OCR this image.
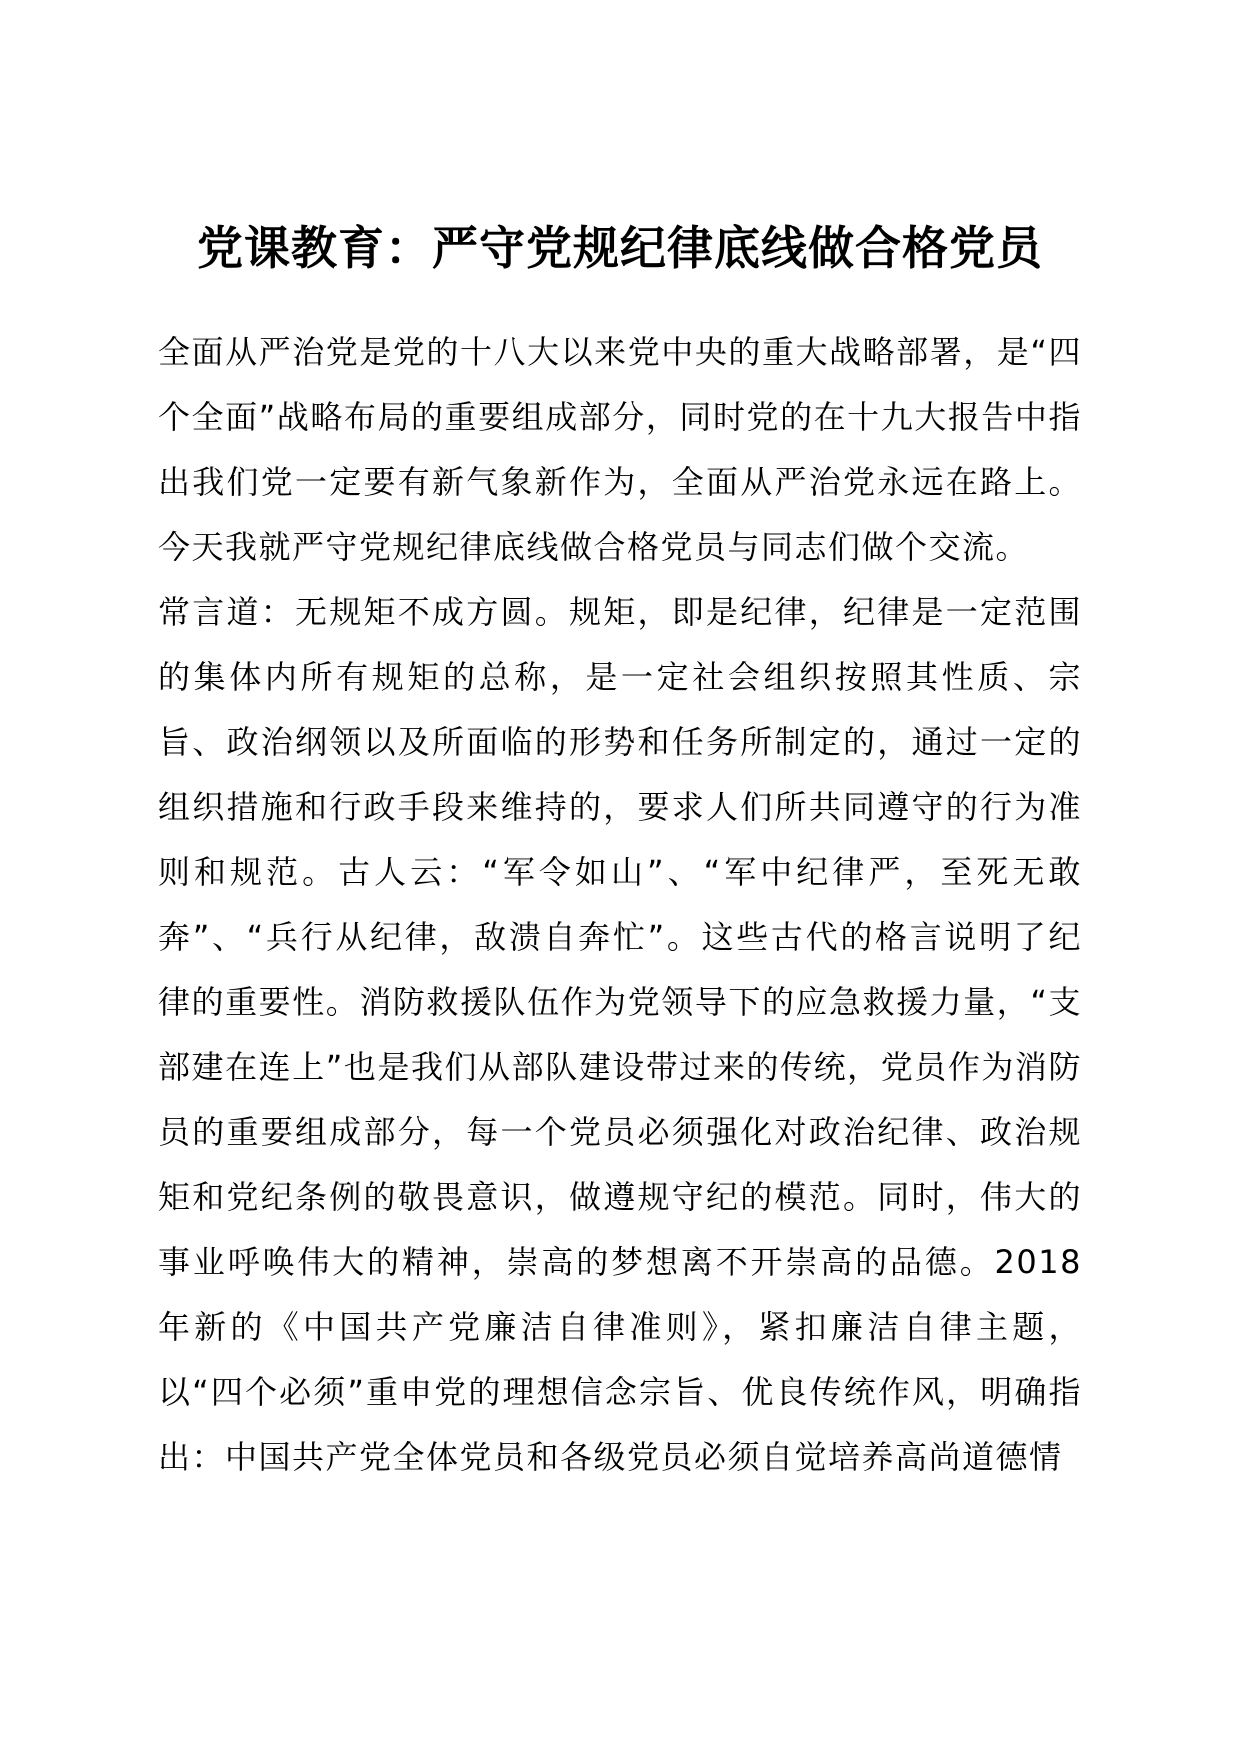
党课教育：严守党规纪律底线做合格党员

全面从严治党是党的十八大以来党中央的重大战略部署，是“四个全面”战略布局的重要组成部分，同时党的在十九大报告中指出我们党一定要有新气象新作为，全面从严治党永远在路上。今天我就严守党规纪律底线做合格党员与同志们做个交流。

常言道：无规矩不成方圆。规矩，即是纪律，纪律是一定范围的集体内所有规矩的总称，是一定社会组织按照其性质、宗旨、政治纲领以及所面临的形势和任务所制定的，通过一定的组织措施和行政手段来维持的，要求人们所共同遵守的行为准则和规范。古人云：“军令如山”、“军中纪律严，至死无敢奔”、“兵行从纪律，敌溃自奔忙”。这些古代的格言说明了纪律的重要性。消防救援队伍作为党领导下的应急救援力量，“支部建在连上”也是我们从部队建设带过来的传统，党员作为消防员的重要组成部分，每一个党员必须强化对政治纪律、政治规矩和党纪条例的敬畏意识，做遵规守纪的模范。同时，伟大的事业呼唤伟大的精神，崇高的梦想离不开崇高的品德。2018年新的《中国共产党廉洁自律准则》，紧扣廉洁自律主题，以“四个必须”重申党的理想信念宗旨、优良传统作风，明确指出：中国共产党全体党员和各级党员必须自觉培养高尚道德情
